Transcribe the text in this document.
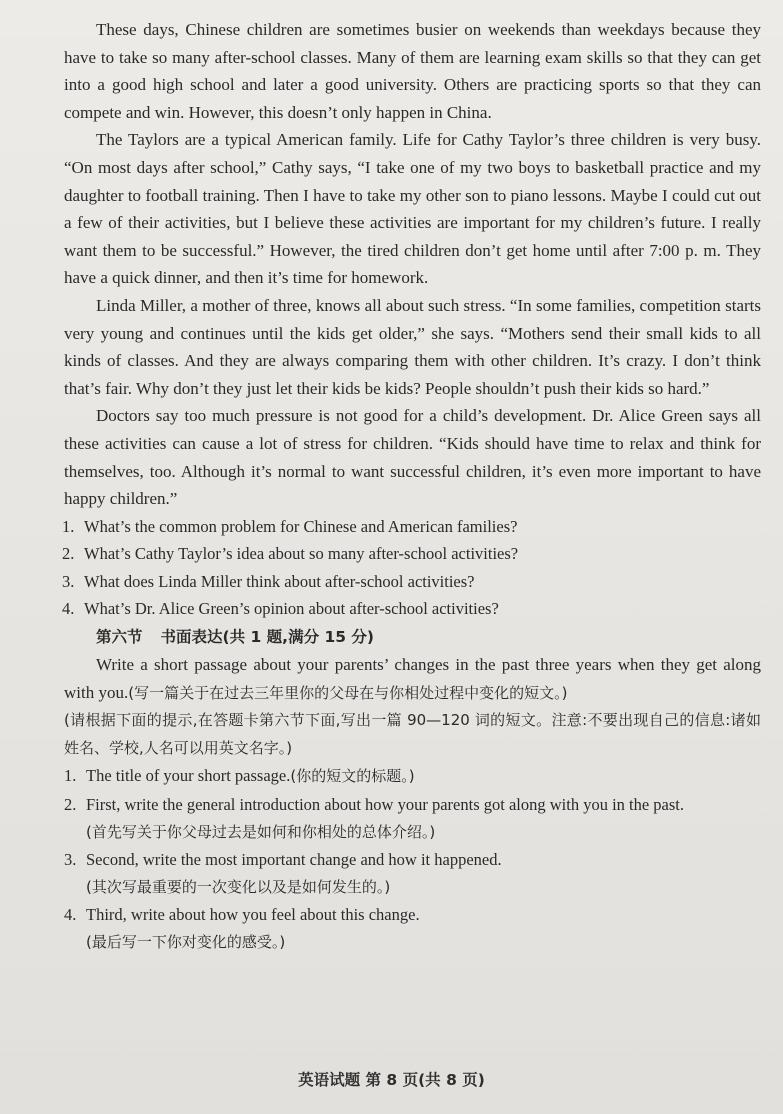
These days, Chinese children are sometimes busier on weekends than weekdays because they have to take so many after-school classes. Many of them are learning exam skills so that they can get into a good high school and later a good university. Others are practicing sports so that they can compete and win. However, this doesn’t only happen in China.

The Taylors are a typical American family. Life for Cathy Taylor’s three children is very busy. “On most days after school,” Cathy says, “I take one of my two boys to basketball practice and my daughter to football training. Then I have to take my other son to piano lessons. Maybe I could cut out a few of their activities, but I believe these activities are important for my children’s future. I really want them to be successful.” However, the tired children don’t get home until after 7:00 p. m. They have a quick dinner, and then it’s time for homework.

Linda Miller, a mother of three, knows all about such stress. “In some families, competition starts very young and continues until the kids get older,” she says. “Mothers send their small kids to all kinds of classes. And they are always comparing them with other children. It’s crazy. I don’t think that’s fair. Why don’t they just let their kids be kids? People shouldn’t push their kids so hard.”

Doctors say too much pressure is not good for a child’s development. Dr. Alice Green says all these activities can cause a lot of stress for children. “Kids should have time to relax and think for themselves, too. Although it’s normal to want successful children, it’s even more important to have happy children.”

1. What’s the common problem for Chinese and American families?

2. What’s Cathy Taylor’s idea about so many after-school activities?

3. What does Linda Miller think about after-school activities?

4. What’s Dr. Alice Green’s opinion about after-school activities?

第六节 书面表达(共 1 题,满分 15 分)

Write a short passage about your parents’ changes in the past three years when they get along with you.(写一篇关于在过去三年里你的父母在与你相处过程中变化的短文。)

(请根据下面的提示,在答题卡第六节下面,写出一篇 90—120 词的短文。注意:不要出现自己的信息:诸如姓名、学校,人名可以用英文名字。)

1. The title of your short passage.(你的短文的标题。)

2. First, write the general introduction about how your parents got along with you in the past.

(首先写关于你父母过去是如何和你相处的总体介绍。)

3. Second, write the most important change and how it happened.

(其次写最重要的一次变化以及是如何发生的。)

4. Third, write about how you feel about this change.

(最后写一下你对变化的感受。)

英语试题 第 8 页(共 8 页)
